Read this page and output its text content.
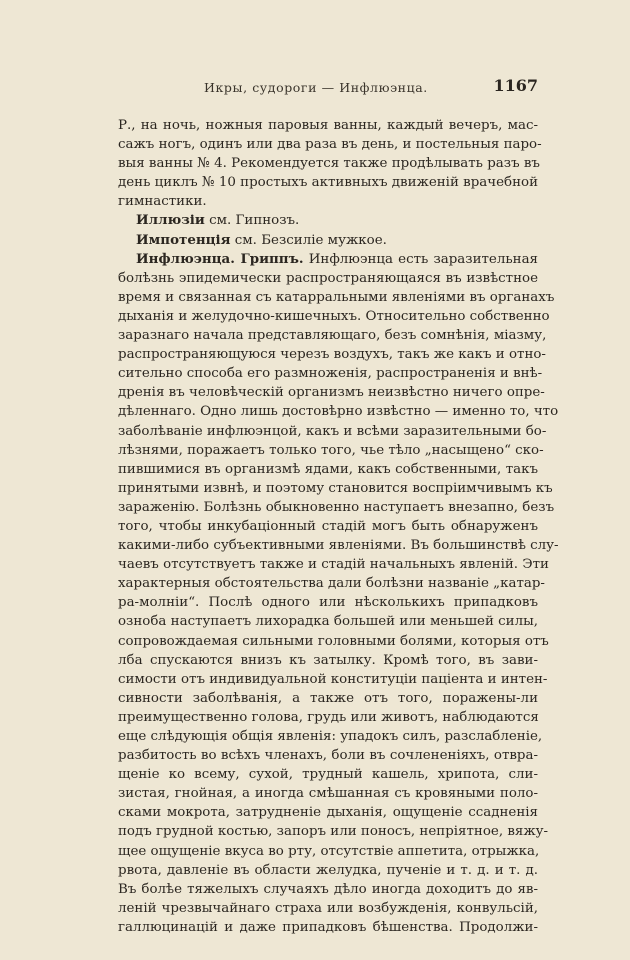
Икры, судороги — Инфлюэнца.	1167
Р., на ночь, ножныя паровыя ванны, каждый вечеръ, мас-
сажъ ногъ, одинъ или два раза въ день, и постельныя паро-
выя ванны № 4. Рекомендуется также продѣлывать разъ въ
день циклъ № 10 простыхъ активныхъ движеній врачебной
гимнастики.
Иллюзіи см. Гипнозъ.
Импотенція см. Безсиліе мужкое.
Инфлюэнца. Гриппъ. Инфлюэнца есть заразительная
болѣзнь эпидемически распространяющаяся въ извѣстное
время и связанная съ катарральными явленіями въ органахъ
дыханія и желудочно-кишечныхъ. Относительно собственно
заразнаго начала представляющаго, безъ сомнѣнія, міазму,
распространяющуюся черезъ воздухъ, такъ же какъ и отно-
сительно способа его размноженія, распространенія и внѣ-
дренія въ человѣческій организмъ неизвѣстно ничего опре-
дѣленнаго. Одно лишь достовѣрно извѣстно — именно то, что
заболѣваніе инфлюэнцой, какъ и всѣми заразительными бо-
лѣзнями, поражаетъ только того, чье тѣло „насыщено“ ско-
пившимися въ организмѣ ядами, какъ собственными, такъ
принятыми извнѣ, и поэтому становится воспріимчивымъ къ
зараженію. Болѣзнь обыкновенно наступаетъ внезапно, безъ
того, чтобы инкубаціонный стадій могъ быть обнаруженъ
какими-либо субъективными явленіями. Въ большинствѣ слу-
чаевъ отсутствуетъ также и стадій начальныхъ явленій. Эти
характерныя обстоятельства дали болѣзни названіе „катар-
ра-молніи“. Послѣ одного или нѣсколькихъ припадковъ
озноба наступаетъ лихорадка большей или меньшей силы,
сопровождаемая сильными головными болями, которыя отъ
лба спускаются внизъ къ затылку. Кромѣ того, въ зави-
симости отъ индивидуальной конституціи паціента и интен-
сивности заболѣванія, а также отъ того, поражены-ли
преимущественно голова, грудь или животъ, наблюдаются
еще слѣдующія общія явленія: упадокъ силъ, разслабленіе,
разбитость во всѣхъ членахъ, боли въ сочлененіяхъ, отвра-
щеніе ко всему, сухой, трудный кашель, хрипота, сли-
зистая, гнойная, а иногда смѣшанная съ кровяными поло-
сками мокрота, затрудненіе дыханія, ощущеніе ссадненія
подъ грудной костью, запоръ или поносъ, непріятное, вяжу-
щее ощущеніе вкуса во рту, отсутствіе аппетита, отрыжка,
рвота, давленіе въ области желудка, пученіе и т. д. и т. д.
Въ болѣе тяжелыхъ случаяхъ дѣло иногда доходитъ до яв-
леній чрезвычайнаго страха или возбужденія, конвульсій,
галлюцинацій и даже припадковъ бѣшенства. Продолжи-
